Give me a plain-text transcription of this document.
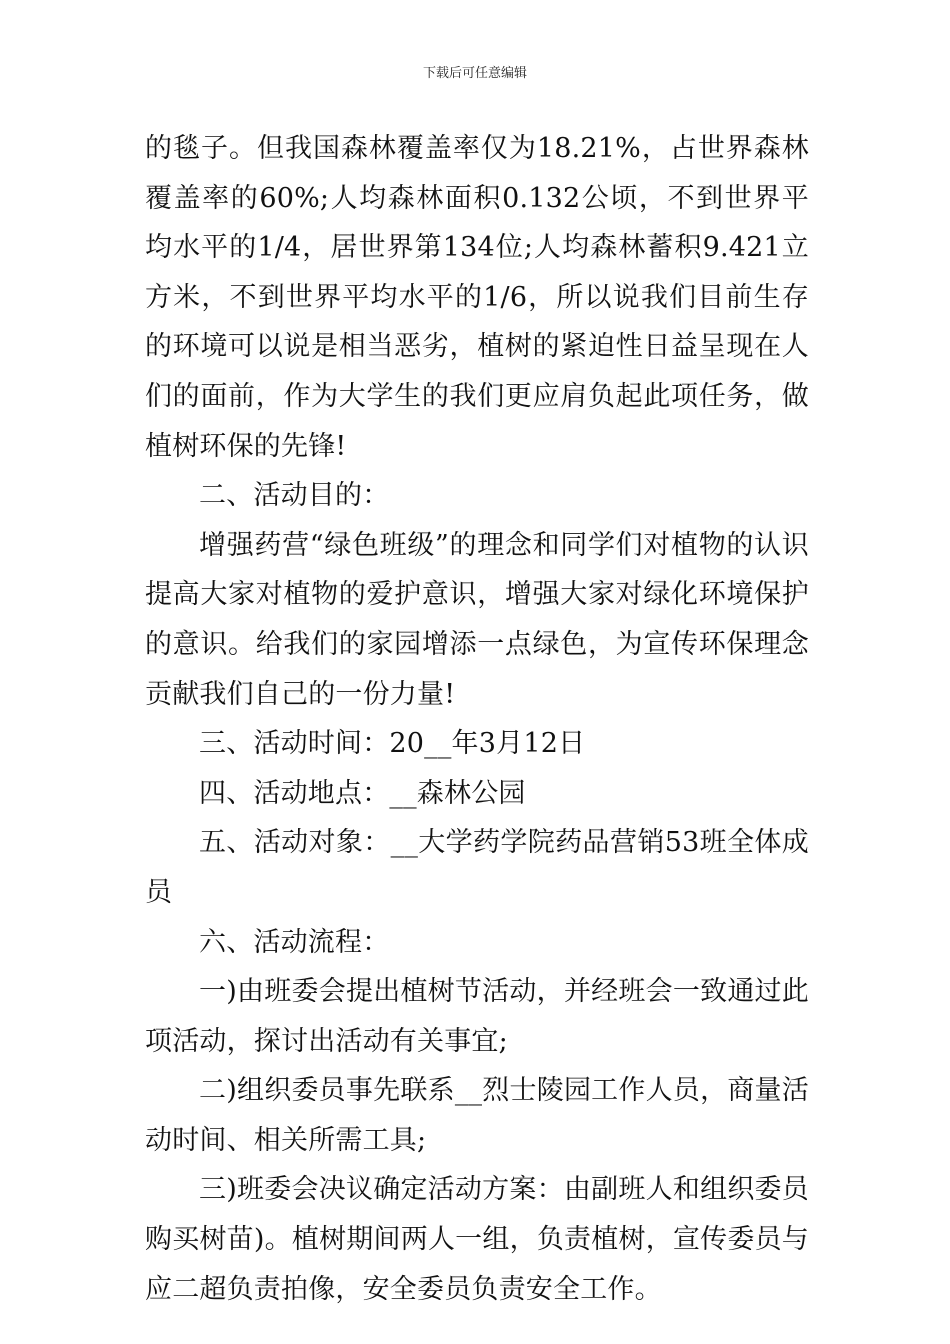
下载后可任意编辑

的毯子。但我国森林覆盖率仅为18.21%，占世界森林覆盖率的60%;人均森林面积0.132公顷，不到世界平均水平的1/4，居世界第134位;人均森林蓄积9.421立方米，不到世界平均水平的1/6，所以说我们目前生存的环境可以说是相当恶劣，植树的紧迫性日益呈现在人们的面前，作为大学生的我们更应肩负起此项任务，做植树环保的先锋!

二、活动目的：

增强药营“绿色班级”的理念和同学们对植物的认识提高大家对植物的爱护意识，增强大家对绿化环境保护的意识。给我们的家园增添一点绿色，为宣传环保理念贡献我们自己的一份力量!

三、活动时间：20__年3月12日

四、活动地点：__森林公园

五、活动对象：__大学药学院药品营销53班全体成员

六、活动流程：

一)由班委会提出植树节活动，并经班会一致通过此项活动，探讨出活动有关事宜;

二)组织委员事先联系__烈士陵园工作人员，商量活动时间、相关所需工具;

三)班委会决议确定活动方案：由副班人和组织委员购买树苗)。植树期间两人一组，负责植树，宣传委员与应二超负责拍像，安全委员负责安全工作。
